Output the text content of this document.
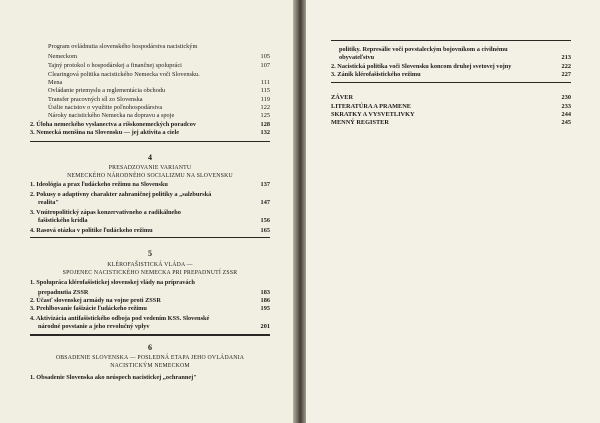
Program ovládnutia slovenského hospodárstva nacistickým
Nemeckom	105
Tajný protokol o hospodárskej a finančnej spolupráci	107
Clearingová politika nacistického Nemecka voči Slovensku.
Mena	111
Ovládanie priemyslu a reglementácia obchodu	115
Transfer pracovných síl zo Slovenska	119
Úsilie nacistov o využitie poľnohospodárstva	122
Nároky nacistického Nemecka na dopravu a spoje	125
2. Úloha nemeckého vyslanectva a ríšskonemeckých poradcov	128
3. Nemecká menšina na Slovensku — jej aktivita a ciele	132
4
PRESADZOVANIE VARIANTU
NEMECKÉHO NÁRODNÉHO SOCIALIZMU NA SLOVENSKU
1. Ideológia a prax ľudáckeho režimu na Slovensku	137
2. Pokusy o adaptívny charakter zahraničnej politiky a „salzburská
realita"	147
3. Vnútropolitický zápas konzervativneho a radikálneho
fašistického krídla	156
4. Rasová otázka v politike ľudáckeho režimu	165
5
KLÉROFAŠISTICKÁ VLÁDA —
SPOJENEC NACISTICKÉHO NEMECKA PRI PREPADNUTÍ ZSSR
1. Spolupráca klérofašistickej slovenskej vlády na prípravách
prepadnutia ZSSR	183
2. Účasť slovenskej armády na vojne proti ZSSR	186
3. Prehlbovanie fašizácie ľudáckeho režimu	195
4. Aktivizácia antifašistického odboja pod vedením KSS. Slovenské
národné povstanie a jeho revolučný vplyv	201
6
OBSADENIE SLOVENSKA — POSLEDNÁ ETAPA JEHO OVLÁDANIA
NACISTICKÝM NEMECKOM
1. Obsadenie Slovenska ako neúspech nacistickej „ochrannej"
politiky. Represálie voči povstaleckým bojovníkom a civilnému
obyvateľstvu	213
2. Nacistická politika voči Slovensku koncom druhej svetovej vojny	222
3. Zánik klérofašistického režimu	227
ZÁVER	230
LITERATÚRA A PRAMENE	233
SKRATKY A VYSVETLIVKY	244
MENNÝ REGISTER	245
